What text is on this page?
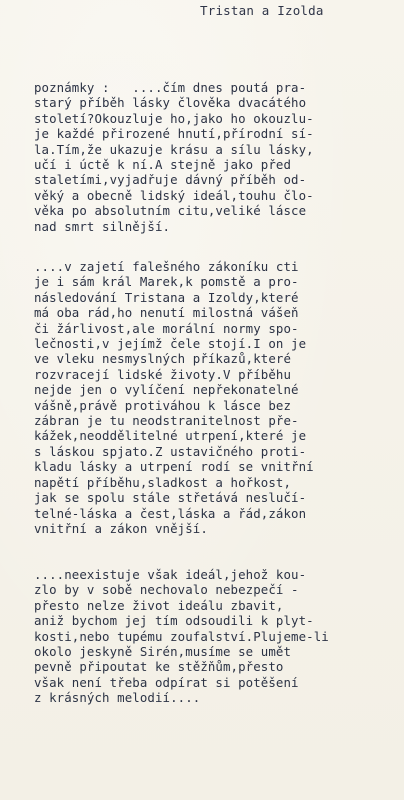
Tristan a Izolda
poznámky :   ....čím dnes poutá pra-
starý příběh lásky člověka dvacátého
století?Okouzluje ho,jako ho okouzlu-
je každé přirozené hnutí,přírodní sí-
la.Tím,že ukazuje krásu a sílu lásky,
učí i úctě k ní.A stejně jako před
staletími,vyjadřuje dávný příběh od-
věký a obecně lidský ideál,touhu člo-
věka po absolutním citu,veliké lásce
nad smrt silnější.
....v zajetí falešného zákoníku cti
je i sám král Marek,k pomstě a pro-
následování Tristana a Izoldy,které
má oba rád,ho nenutí milostná vášeň
či žárlivost,ale morální normy spo-
lečnosti,v jejímž čele stojí.I on je
ve vleku nesmyslných příkazů,které
rozvracejí lidské životy.V příběhu
nejde jen o vylíčení nepřekonatelné
vášně,právě protiváhou k lásce bez
zábran je tu neodstranitelnost pře-
kážek,neoddělitelné utrpení,které je
s láskou spjato.Z ustavičného proti-
kladu lásky a utrpení rodí se vnitřní
napětí příběhu,sladkost a hořkost,
jak se spolu stále střetává neslučí-
telné-láska a čest,láska a řád,zákon
vnitřní a zákon vnější.
....neexistuje však ideál,jehož kou-
zlo by v sobě nechovalo nebezpečí -
přesto nelze život ideálu zbavit,
aniž bychom jej tím odsoudili k plyt-
kosti,nebo tupému zoufalství.Plujeme-li
okolo jeskyně Sirén,musíme se umět
pevně připoutat ke stěžňům,přesto
však není třeba odpírat si potěšení
z krásných melodií....
